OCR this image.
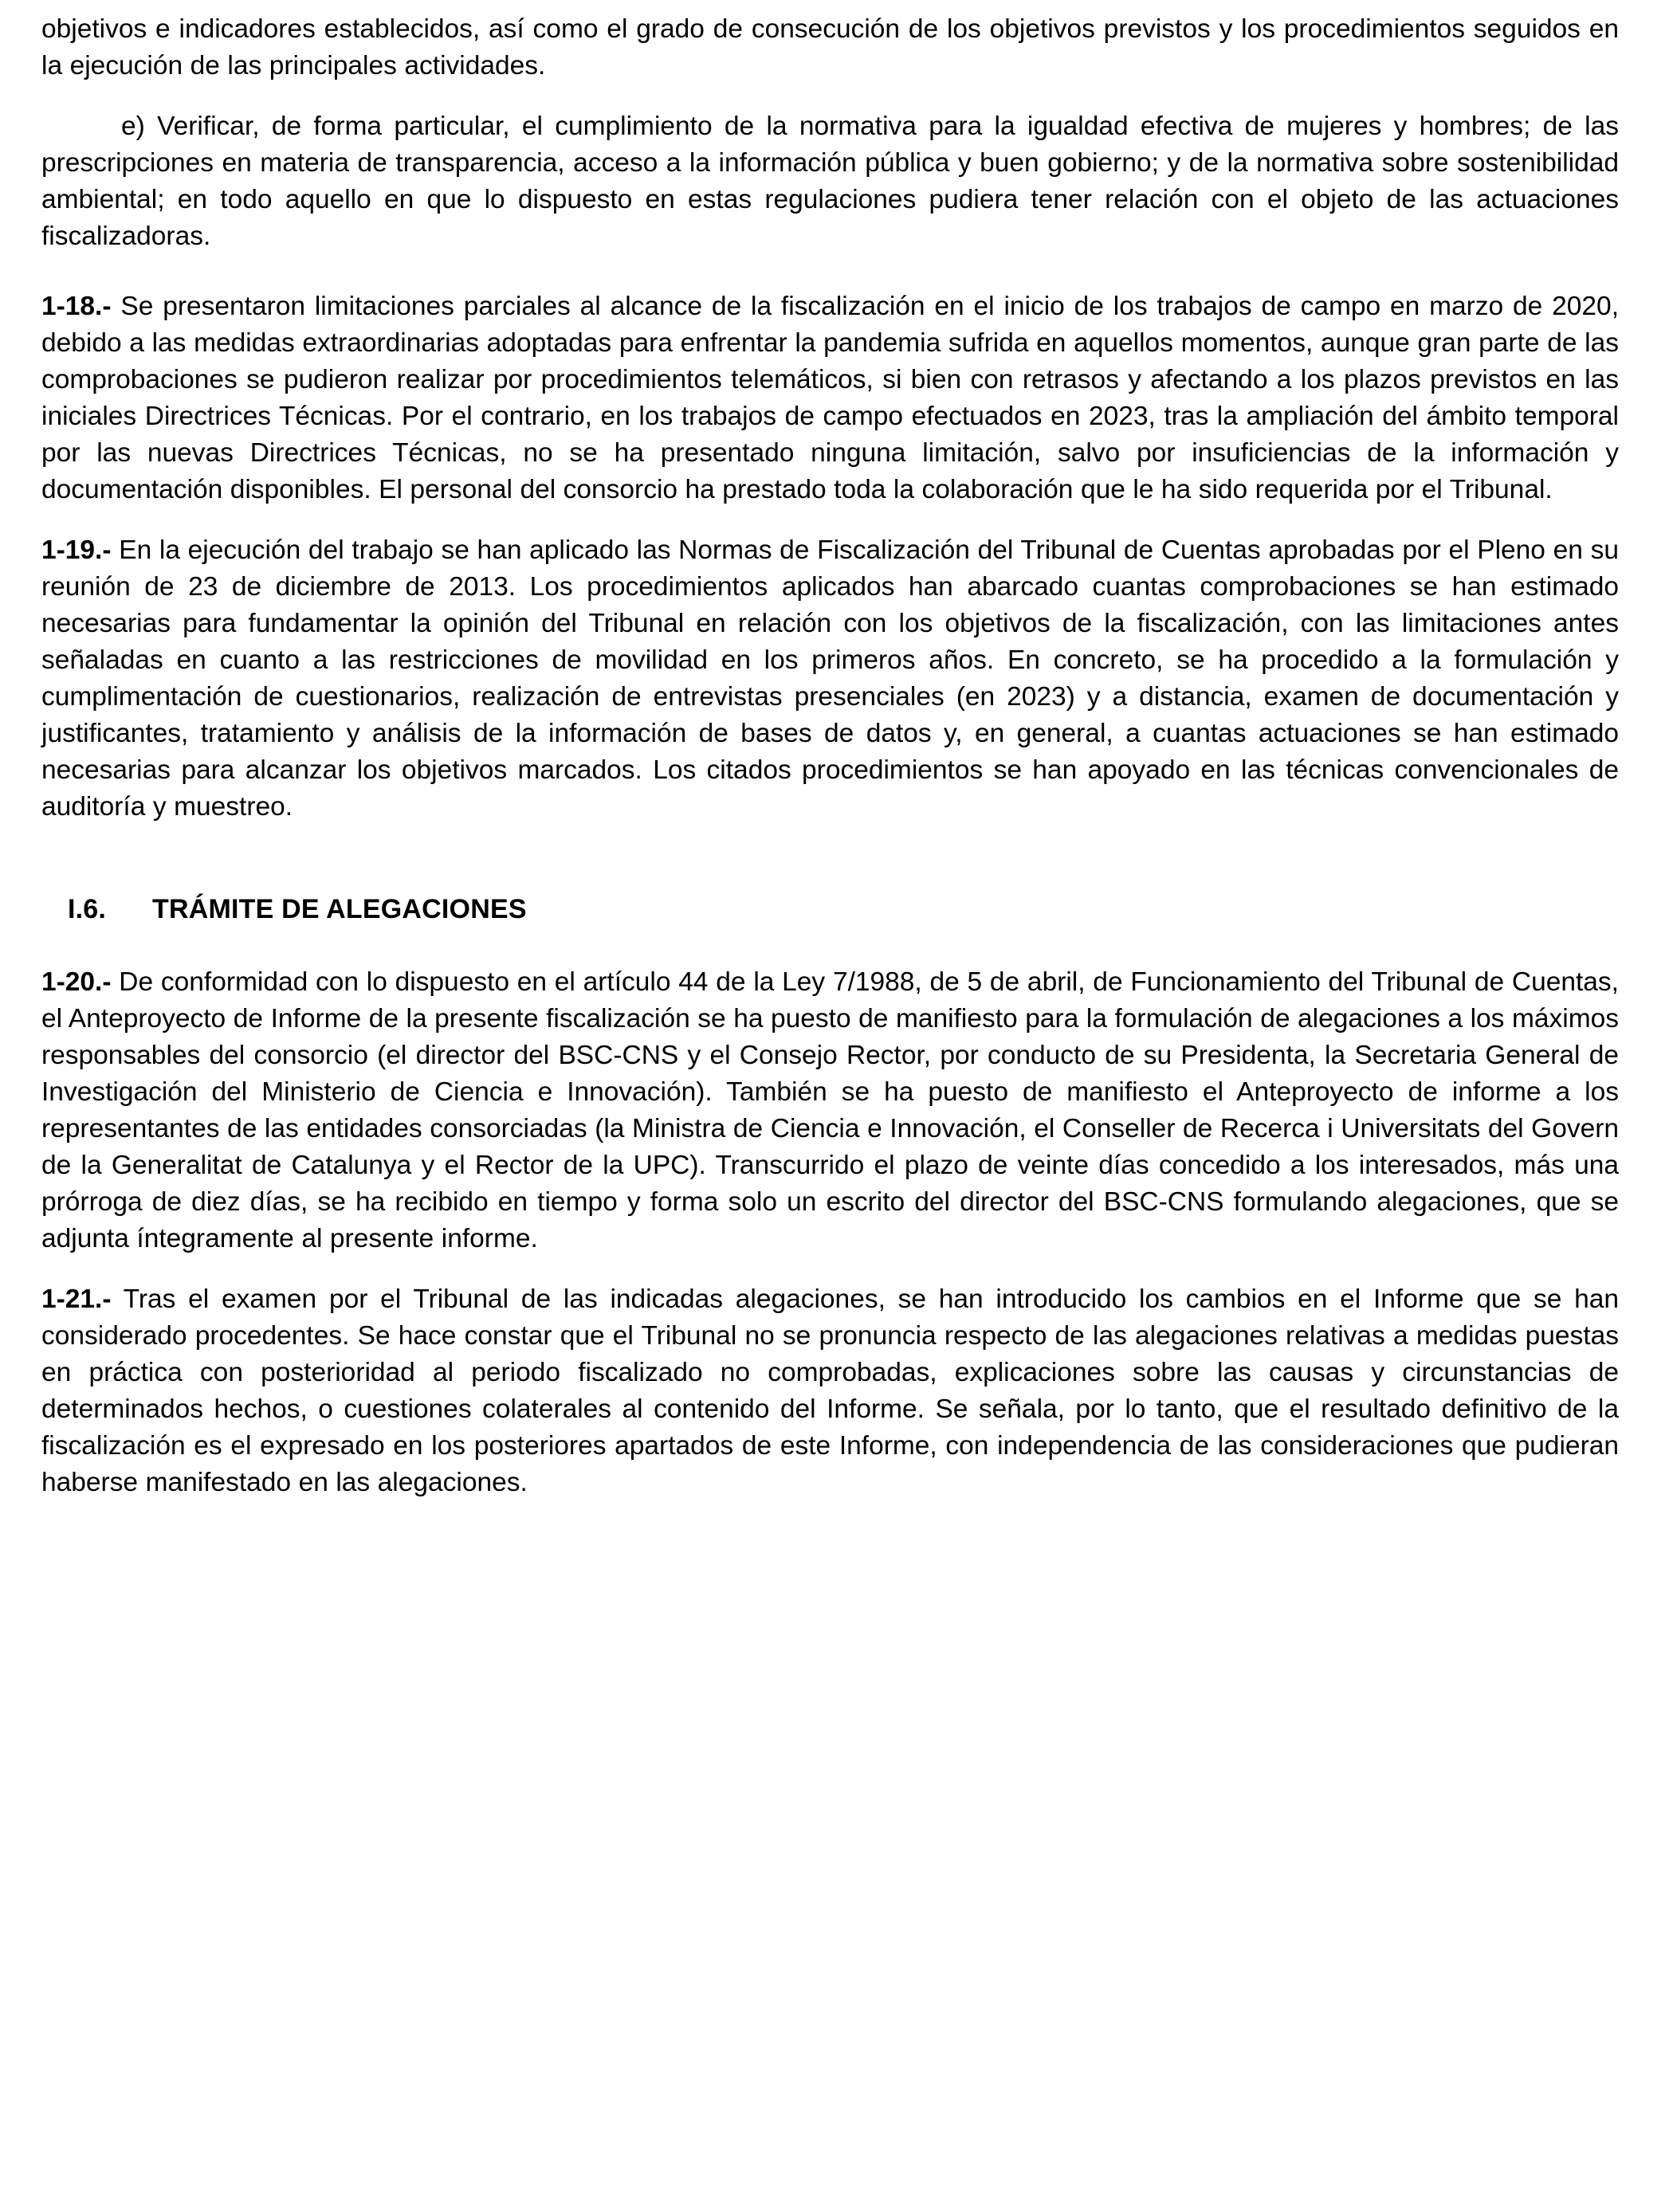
objetivos e indicadores establecidos, así como el grado de consecución de los objetivos previstos y los procedimientos seguidos en la ejecución de las principales actividades.

e) Verificar, de forma particular, el cumplimiento de la normativa para la igualdad efectiva de mujeres y hombres; de las prescripciones en materia de transparencia, acceso a la información pública y buen gobierno; y de la normativa sobre sostenibilidad ambiental; en todo aquello en que lo dispuesto en estas regulaciones pudiera tener relación con el objeto de las actuaciones fiscalizadoras.

1-18.- Se presentaron limitaciones parciales al alcance de la fiscalización en el inicio de los trabajos de campo en marzo de 2020, debido a las medidas extraordinarias adoptadas para enfrentar la pandemia sufrida en aquellos momentos, aunque gran parte de las comprobaciones se pudieron realizar por procedimientos telemáticos, si bien con retrasos y afectando a los plazos previstos en las iniciales Directrices Técnicas. Por el contrario, en los trabajos de campo efectuados en 2023, tras la ampliación del ámbito temporal por las nuevas Directrices Técnicas, no se ha presentado ninguna limitación, salvo por insuficiencias de la información y documentación disponibles. El personal del consorcio ha prestado toda la colaboración que le ha sido requerida por el Tribunal.

1-19.- En la ejecución del trabajo se han aplicado las Normas de Fiscalización del Tribunal de Cuentas aprobadas por el Pleno en su reunión de 23 de diciembre de 2013. Los procedimientos aplicados han abarcado cuantas comprobaciones se han estimado necesarias para fundamentar la opinión del Tribunal en relación con los objetivos de la fiscalización, con las limitaciones antes señaladas en cuanto a las restricciones de movilidad en los primeros años. En concreto, se ha procedido a la formulación y cumplimentación de cuestionarios, realización de entrevistas presenciales (en 2023) y a distancia, examen de documentación y justificantes, tratamiento y análisis de la información de bases de datos y, en general, a cuantas actuaciones se han estimado necesarias para alcanzar los objetivos marcados. Los citados procedimientos se han apoyado en las técnicas convencionales de auditoría y muestreo.

I.6.	TRÁMITE DE ALEGACIONES

1-20.- De conformidad con lo dispuesto en el artículo 44 de la Ley 7/1988, de 5 de abril, de Funcionamiento del Tribunal de Cuentas, el Anteproyecto de Informe de la presente fiscalización se ha puesto de manifiesto para la formulación de alegaciones a los máximos responsables del consorcio (el director del BSC-CNS y el Consejo Rector, por conducto de su Presidenta, la Secretaria General de Investigación del Ministerio de Ciencia e Innovación). También se ha puesto de manifiesto el Anteproyecto de informe a los representantes de las entidades consorciadas (la Ministra de Ciencia e Innovación, el Conseller de Recerca i Universitats del Govern de la Generalitat de Catalunya y el Rector de la UPC). Transcurrido el plazo de veinte días concedido a los interesados, más una prórroga de diez días, se ha recibido en tiempo y forma solo un escrito del director del BSC-CNS formulando alegaciones, que se adjunta íntegramente al presente informe.

1-21.- Tras el examen por el Tribunal de las indicadas alegaciones, se han introducido los cambios en el Informe que se han considerado procedentes. Se hace constar que el Tribunal no se pronuncia respecto de las alegaciones relativas a medidas puestas en práctica con posterioridad al periodo fiscalizado no comprobadas, explicaciones sobre las causas y circunstancias de determinados hechos, o cuestiones colaterales al contenido del Informe. Se señala, por lo tanto, que el resultado definitivo de la fiscalización es el expresado en los posteriores apartados de este Informe, con independencia de las consideraciones que pudieran haberse manifestado en las alegaciones.
